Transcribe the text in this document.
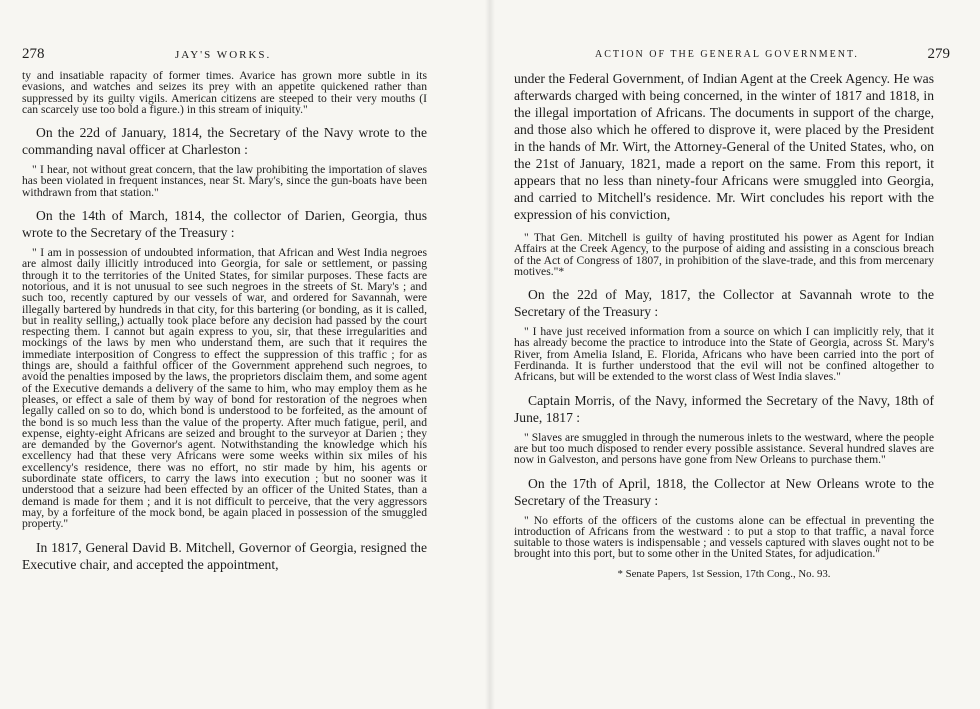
278	JAY'S WORKS.

ty and insatiable rapacity of former times. Avarice has grown more subtle in its evasions, and watches and seizes its prey with an appetite quickened rather than suppressed by its guilty vigils. American citizens are steeped to their very mouths (I can scarcely use too bold a figure.) in this stream of iniquity."

On the 22d of January, 1814, the Secretary of the Navy wrote to the commanding naval officer at Charleston :

" I hear, not without great concern, that the law prohibiting the importation of slaves has been violated in frequent instances, near St. Mary's, since the gun-boats have been withdrawn from that station."

On the 14th of March, 1814, the collector of Darien, Georgia, thus wrote to the Secretary of the Treasury :

" I am in possession of undoubted information, that African and West India negroes are almost daily illicitly introduced into Georgia, for sale or settlement, or passing through it to the territories of the United States, for similar purposes. These facts are notorious, and it is not unusual to see such negroes in the streets of St. Mary's ; and such too, recently captured by our vessels of war, and ordered for Savannah, were illegally bartered by hundreds in that city, for this bartering (or bonding, as it is called, but in reality selling,) actually took place before any decision had passed by the court respecting them. I cannot but again express to you, sir, that these irregularities and mockings of the laws by men who understand them, are such that it requires the immediate interposition of Congress to effect the suppression of this traffic ; for as things are, should a faithful officer of the Government apprehend such negroes, to avoid the penalties imposed by the laws, the proprietors disclaim them, and some agent of the Executive demands a delivery of the same to him, who may employ them as he pleases, or effect a sale of them by way of bond for restoration of the negroes when legally called on so to do, which bond is understood to be forfeited, as the amount of the bond is so much less than the value of the property. After much fatigue, peril, and expense, eighty-eight Africans are seized and brought to the surveyor at Darien ; they are demanded by the Governor's agent. Notwithstanding the knowledge which his excellency had that these very Africans were some weeks within six miles of his excellency's residence, there was no effort, no stir made by him, his agents or subordinate state officers, to carry the laws into execution ; but no sooner was it understood that a seizure had been effected by an officer of the United States, than a demand is made for them ; and it is not difficult to perceive, that the very aggressors may, by a forfeiture of the mock bond, be again placed in possession of the smuggled property."

In 1817, General David B. Mitchell, Governor of Georgia, resigned the Executive chair, and accepted the appointment,

ACTION OF THE GENERAL GOVERNMENT.	279

under the Federal Government, of Indian Agent at the Creek Agency. He was afterwards charged with being concerned, in the winter of 1817 and 1818, in the illegal importation of Africans. The documents in support of the charge, and those also which he offered to disprove it, were placed by the President in the hands of Mr. Wirt, the Attorney-General of the United States, who, on the 21st of January, 1821, made a report on the same. From this report, it appears that no less than ninety-four Africans were smuggled into Georgia, and carried to Mitchell's residence. Mr. Wirt concludes his report with the expression of his conviction,

" That Gen. Mitchell is guilty of having prostituted his power as Agent for Indian Affairs at the Creek Agency, to the purpose of aiding and assisting in a conscious breach of the Act of Congress of 1807, in prohibition of the slave-trade, and this from mercenary motives."*

On the 22d of May, 1817, the Collector at Savannah wrote to the Secretary of the Treasury :

" I have just received information from a source on which I can implicitly rely, that it has already become the practice to introduce into the State of Georgia, across St. Mary's River, from Amelia Island, E. Florida, Africans who have been carried into the port of Ferdinanda. It is further understood that the evil will not be confined altogether to Africans, but will be extended to the worst class of West India slaves."

Captain Morris, of the Navy, informed the Secretary of the Navy, 18th of June, 1817 :

" Slaves are smuggled in through the numerous inlets to the westward, where the people are but too much disposed to render every possible assistance. Several hundred slaves are now in Galveston, and persons have gone from New Orleans to purchase them."

On the 17th of April, 1818, the Collector at New Orleans wrote to the Secretary of the Treasury :

" No efforts of the officers of the customs alone can be effectual in preventing the introduction of Africans from the westward : to put a stop to that traffic, a naval force suitable to those waters is indispensable ; and vessels captured with slaves ought not to be brought into this port, but to some other in the United States, for adjudication."

* Senate Papers, 1st Session, 17th Cong., No. 93.
